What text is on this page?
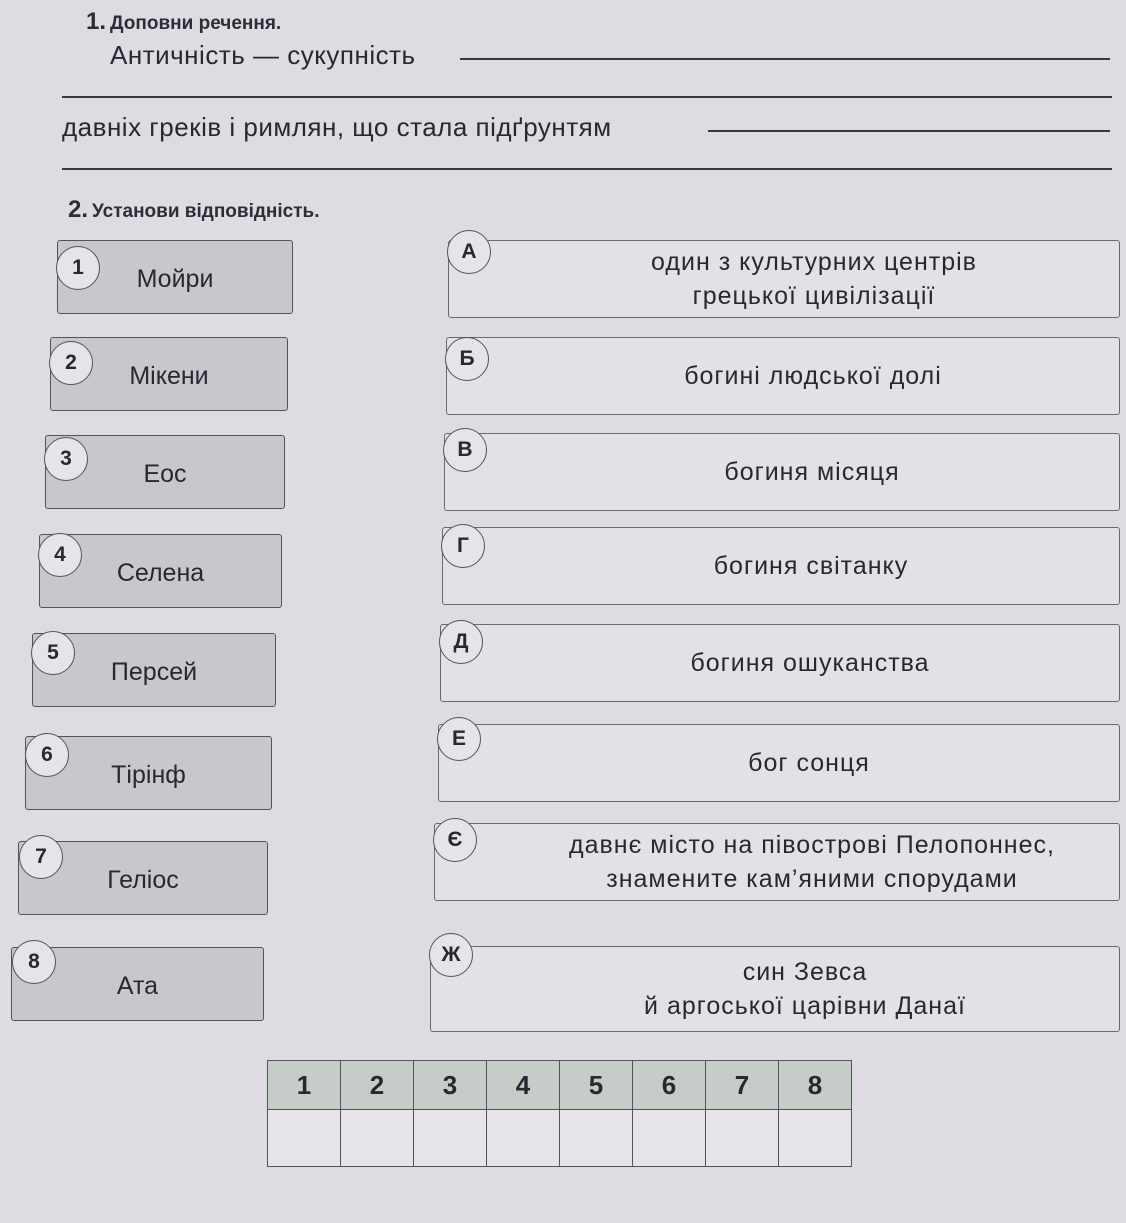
1. Доповни речення.
Античність — сукупність
давніх греків і римлян, що стала підґрунтям
2. Установи відповідність.
Мойри
1
Мікени
2
Еос
3
Селена
4
Персей
5
Тірінф
6
Геліос
7
Ата
8
один з культурних центрів
грецької цивілізації
А
богині людської долі
Б
богиня місяця
В
богиня світанку
Г
богиня ошуканства
Д
бог сонця
Е
давнє місто на півострові Пелопоннес,
знамените кам’яними спорудами
Є
син Зевса
й аргоської царівни Данаї
Ж
1	2	3	4	5	6	7	8
